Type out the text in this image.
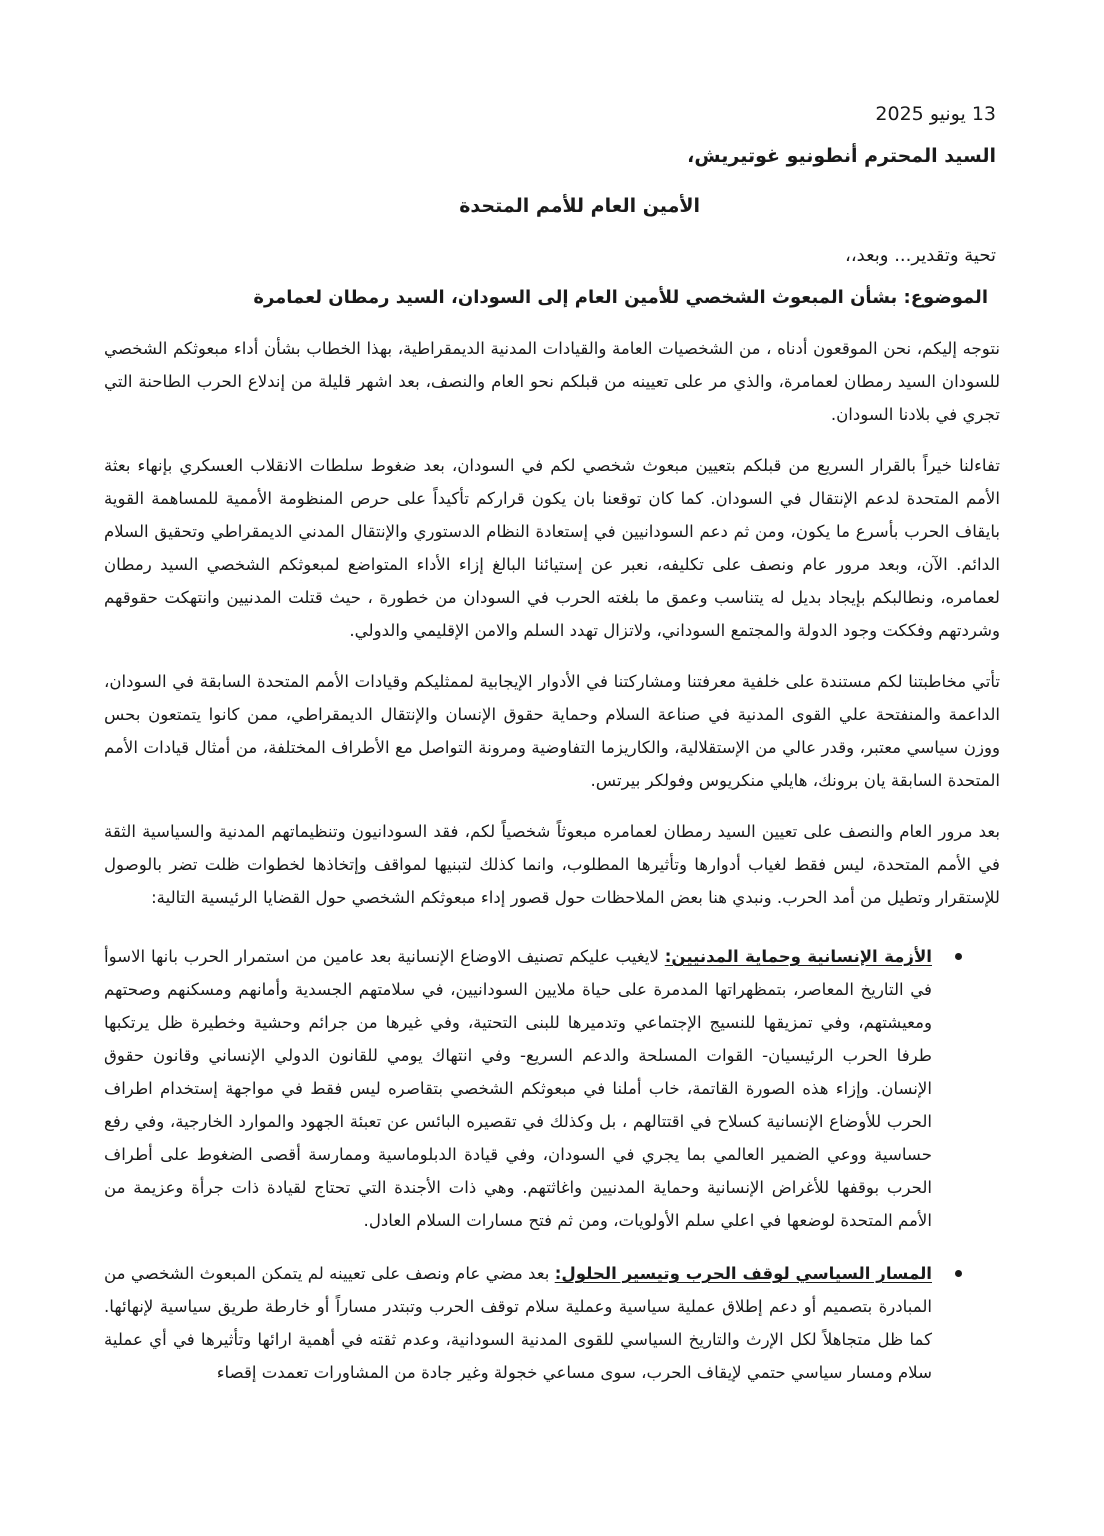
13 يونيو 2025
السيد المحترم أنطونيو غوتيريش،
الأمين العام للأمم المتحدة
تحية وتقدير... وبعد،،
الموضوع: بشأن المبعوث الشخصي للأمين العام إلى السودان، السيد رمطان لعمامرة

نتوجه إليكم، نحن الموقعون أدناه ، من الشخصيات العامة والقيادات المدنية الديمقراطية، بهذا الخطاب بشأن أداء مبعوثكم الشخصي للسودان السيد رمطان لعمامرة، والذي مر على تعيينه من قبلكم نحو العام والنصف، بعد اشهر قليلة من إندلاع الحرب الطاحنة التي تجري في بلادنا السودان.

تفاءلنا خيراً بالقرار السريع من قبلكم بتعيين مبعوث شخصي لكم في السودان، بعد ضغوط سلطات الانقلاب العسكري بإنهاء بعثة الأمم المتحدة لدعم الإنتقال في السودان. كما كان توقعنا بان يكون قراركم تأكيداً على حرص المنظومة الأممية للمساهمة القوية بايقاف الحرب بأسرع ما يكون، ومن ثم دعم السودانيين في إستعادة النظام الدستوري والإنتقال المدني الديمقراطي وتحقيق السلام الدائم. الآن، وبعد مرور عام ونصف على تكليفه، نعبر عن إستيائنا البالغ إزاء الأداء المتواضع لمبعوثكم الشخصي السيد رمطان لعمامره، ونطالبكم بإيجاد بديل له يتناسب وعمق ما بلغته الحرب في السودان من خطورة ، حيث قتلت المدنيين وانتهكت حقوقهم وشردتهم وفككت وجود الدولة والمجتمع السوداني، ولاتزال تهدد السلم والامن الإقليمي والدولي.

تأتي مخاطبتنا لكم مستندة على خلفية معرفتنا ومشاركتنا في الأدوار الإيجابية لممثليكم وقيادات الأمم المتحدة السابقة في السودان، الداعمة والمنفتحة علي القوى المدنية في صناعة السلام وحماية حقوق الإنسان والإنتقال الديمقراطي، ممن كانوا يتمتعون بحس ووزن سياسي معتبر، وقدر عالي من الإستقلالية، والكاريزما التفاوضية ومرونة التواصل مع الأطراف المختلفة، من أمثال قيادات الأمم المتحدة السابقة يان برونك، هايلي منكريوس وفولكر بيرتس.

بعد مرور العام والنصف على تعيين السيد رمطان لعمامره مبعوثاً شخصياً لكم، فقد السودانيون وتنظيماتهم المدنية والسياسية الثقة في الأمم المتحدة، ليس فقط لغياب أدوارها وتأثيرها المطلوب، وانما كذلك لتبنيها لمواقف وإتخاذها لخطوات ظلت تضر بالوصول للإستقرار وتطيل من أمد الحرب. ونبدي هنا بعض الملاحظات حول قصور إداء مبعوثكم الشخصي حول القضايا الرئيسية التالية:

الأزمة الإنسانية وحماية المدنيين: لايغيب عليكم تصنيف الاوضاع الإنسانية بعد عامين من استمرار الحرب بانها الاسوأ في التاريخ المعاصر، بتمظهراتها المدمرة على حياة ملايين السودانيين، في سلامتهم الجسدية وأمانهم ومسكنهم وصحتهم ومعيشتهم، وفي تمزيقها للنسيج الإجتماعي وتدميرها للبنى التحتية، وفي غيرها من جرائم وحشية وخطيرة ظل يرتكبها طرفا الحرب الرئيسيان- القوات المسلحة والدعم السريع- وفي انتهاك يومي للقانون الدولي الإنساني وقانون حقوق الإنسان. وإزاء هذه الصورة القاتمة، خاب أملنا في مبعوثكم الشخصي بتقاصره ليس فقط في مواجهة إستخدام اطراف الحرب للأوضاع الإنسانية كسلاح في اقتتالهم ، بل وكذلك في تقصيره البائس عن تعبئة الجهود والموارد الخارجية، وفي رفع حساسية ووعي الضمير العالمي بما يجري في السودان، وفي قيادة الدبلوماسية وممارسة أقصى الضغوط على أطراف الحرب بوقفها للأغراض الإنسانية وحماية المدنيين واغاثتهم. وهي ذات الأجندة التي تحتاج لقيادة ذات جرأة وعزيمة من الأمم المتحدة لوضعها في اعلي سلم الأولويات، ومن ثم فتح مسارات السلام العادل.
المسار السياسي لوقف الحرب وتيسير الحلول: بعد مضي عام ونصف على تعيينه لم يتمكن المبعوث الشخصي من المبادرة بتصميم أو دعم إطلاق عملية سياسية وعملية سلام توقف الحرب وتبتدر مساراً أو خارطة طريق سياسية لإنهائها. كما ظل متجاهلاً لكل الإرث والتاريخ السياسي للقوى المدنية السودانية، وعدم ثقته في أهمية ارائها وتأثيرها في أي عملية سلام ومسار سياسي حتمي لإيقاف الحرب، سوى مساعي خجولة وغير جادة من المشاورات تعمدت إقصاء
